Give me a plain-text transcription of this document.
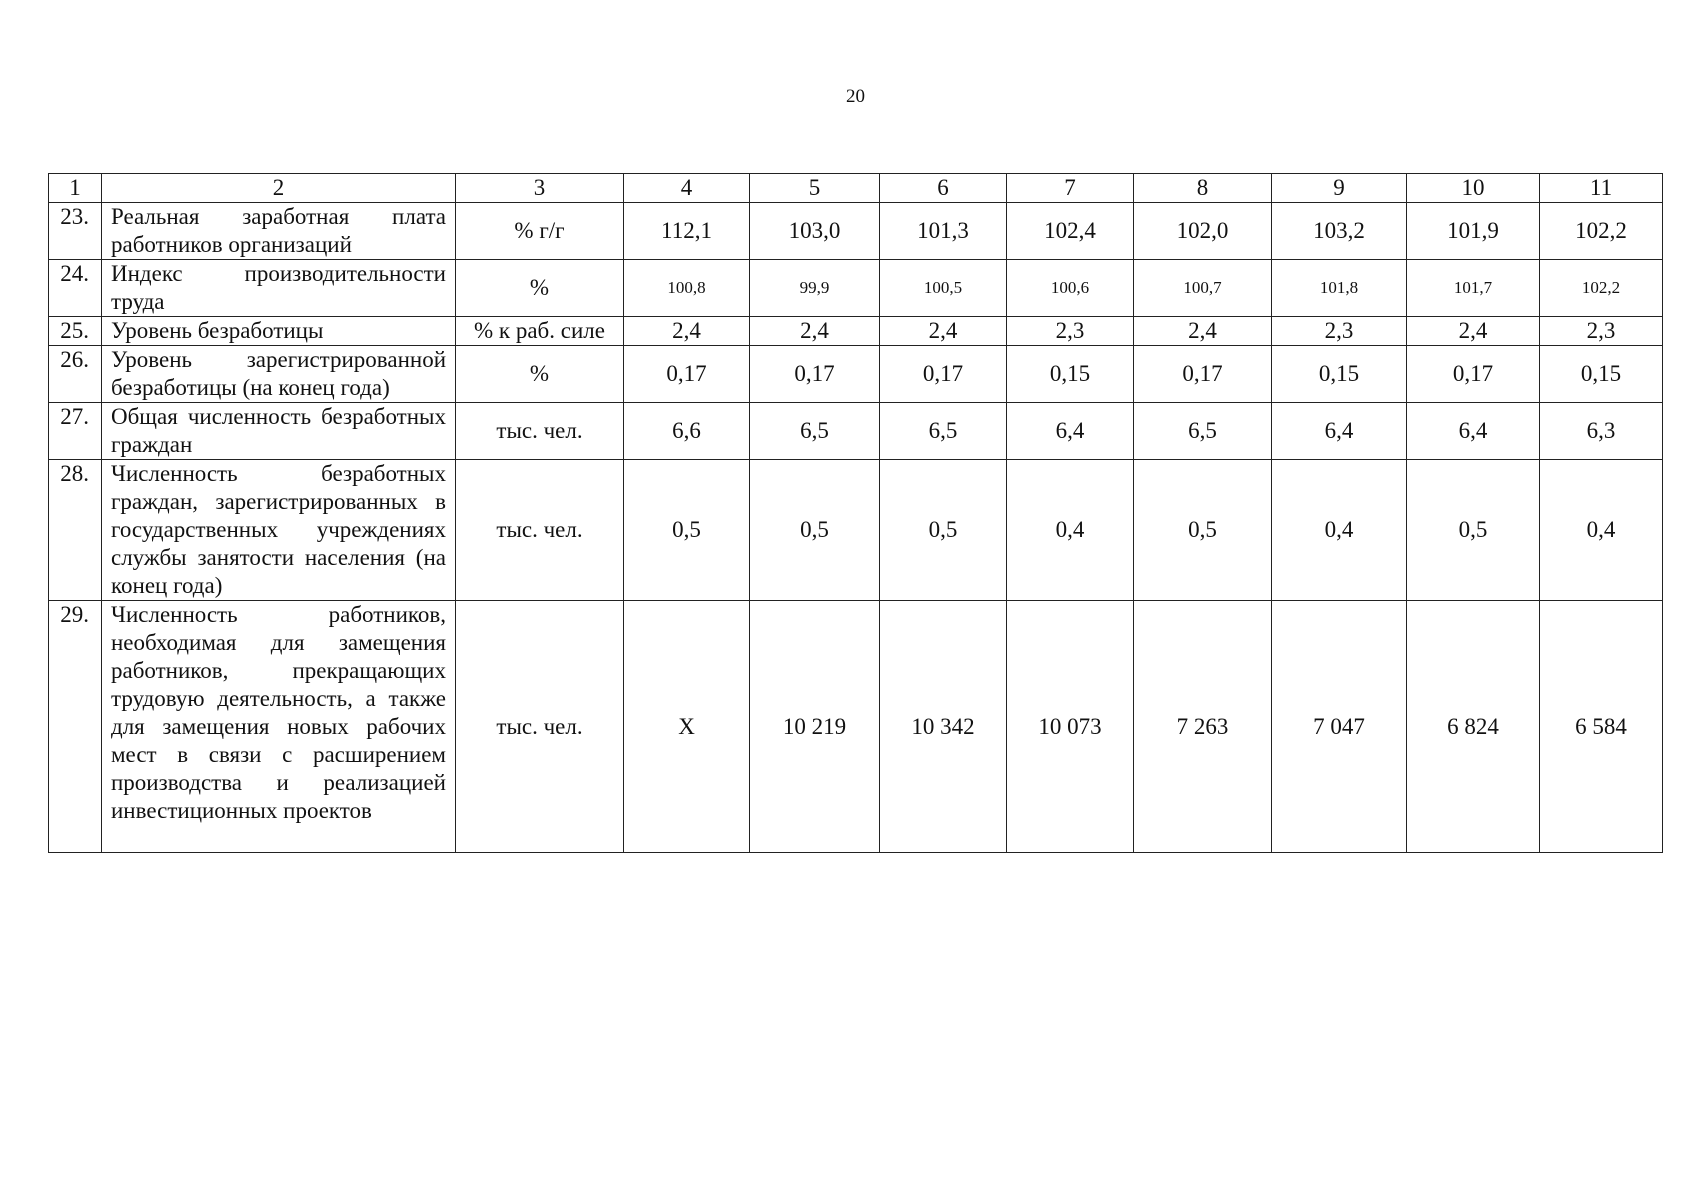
20
1	2	3	4	5	6	7	8	9	10	11
23.	Реальная заработная плата работников организаций	% г/г	112,1	103,0	101,3	102,4	102,0	103,2	101,9	102,2
24.	Индекс производительности труда	%	100,8	99,9	100,5	100,6	100,7	101,8	101,7	102,2
25.	Уровень безработицы	% к раб. силе	2,4	2,4	2,4	2,3	2,4	2,3	2,4	2,3
26.	Уровень зарегистрированной безработицы (на конец года)	%	0,17	0,17	0,17	0,15	0,17	0,15	0,17	0,15
27.	Общая численность безработных граждан	тыс. чел.	6,6	6,5	6,5	6,4	6,5	6,4	6,4	6,3
28.	Численность безработных граждан, зарегистрированных в государственных учреждениях службы занятости населения (на конец года)	тыс. чел.	0,5	0,5	0,5	0,4	0,5	0,4	0,5	0,4
29.	Численность работников, необходимая для замещения работников, прекращающих трудовую деятельность, а также для замещения новых рабочих мест в связи с расширением производства и реализацией инвестиционных проектов	тыс. чел.	X	10 219	10 342	10 073	7 263	7 047	6 824	6 584
